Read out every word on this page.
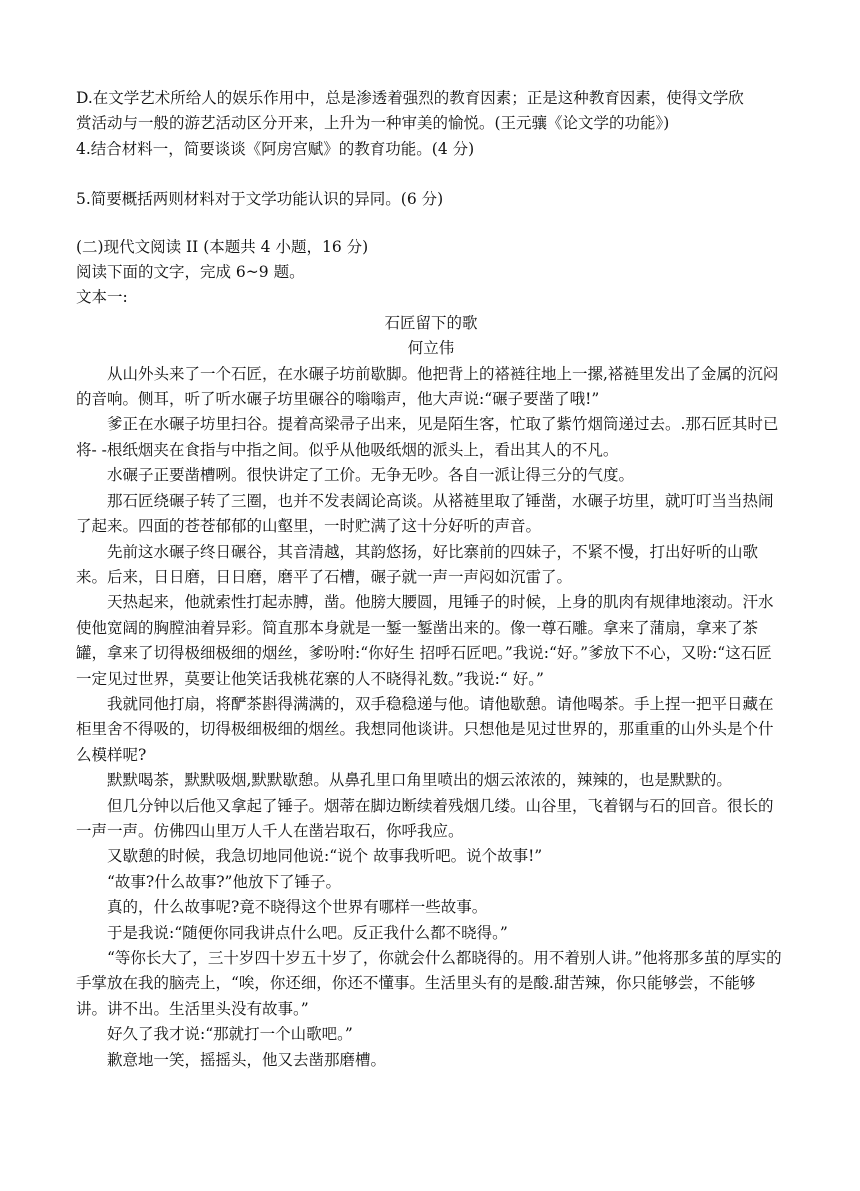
D.在文学艺术所给人的娱乐作用中，总是渗透着强烈的教育因素；正是这种教育因素，使得文学欣
赏活动与一般的游艺活动区分开来，上升为一种审美的愉悦。(王元骧《论文学的功能》)
4.结合材料一，简要谈谈《阿房宫赋》的教育功能。(4 分)
5.简要概括两则材料对于文学功能认识的异同。(6 分)
(二)现代文阅读 II (本题共 4 小题，16 分)
阅读下面的文字，完成 6~9 题。
文本一:
石匠留下的歌
何立伟

从山外头来了一个石匠，在水碾子坊前歇脚。他把背上的褡裢往地上一摞,褡裢里发出了金属的沉闷的音响。侧耳，听了听水碾子坊里碾谷的嗡嗡声，他大声说:“碾子要凿了哦!”

爹正在水碾子坊里扫谷。提着高梁帚子出来，见是陌生客，忙取了紫竹烟筒递过去。.那石匠其时已将- -根纸烟夹在食指与中指之间。似乎从他吸纸烟的派头上，看出其人的不凡。

水碾子正要凿槽咧。很快讲定了工价。无争无吵。各自一派让得三分的气度。

那石匠绕碾子转了三圈，也并不发表阔论高谈。从褡裢里取了锤凿，水碾子坊里，就叮叮当当热闹了起来。四面的苍苍郁郁的山壑里，一时贮满了这十分好听的声音。

先前这水碾子终日碾谷，其音清越，其韵悠扬，好比寨前的四妹子，不紧不慢，打出好听的山歌来。后来，日日磨，日日磨，磨平了石槽，碾子就一声一声闷如沉雷了。

天热起来，他就索性打起赤膊，凿。他膀大腰圆，甩锤子的时候，上身的肌肉有规律地滚动。汗水使他宽阔的胸膛油着异彩。简直那本身就是一錾一錾凿出来的。像一尊石雕。拿来了蒲扇，拿来了茶罐，拿来了切得极细极细的烟丝，爹吩咐:“你好生 招呼石匠吧。”我说:“好。”爹放下不心，又吩:“这石匠一定见过世界，莫要让他笑话我桃花寨的人不晓得礼数。”我说:“ 好。”

我就同他打扇，将酽茶斟得满满的，双手稳稳递与他。请他歇憩。请他喝茶。手上捏一把平日藏在柜里舍不得吸的，切得极细极细的烟丝。我想同他谈讲。只想他是见过世界的，那重重的山外头是个什么模样呢?

默默喝茶，默默吸烟,默默歇憩。从鼻孔里口角里喷出的烟云浓浓的，辣辣的，也是默默的。

但几分钟以后他又拿起了锤子。烟蒂在脚边断续着残烟几缕。山谷里，飞着钢与石的回音。很长的一声一声。仿佛四山里万人千人在凿岩取石，你呼我应。

又歇憩的时候，我急切地同他说:“说个 故事我听吧。说个故事!”

“故事?什么故事?”他放下了锤子。

真的，什么故事呢?竟不晓得这个世界有哪样一些故事。

于是我说:“随便你同我讲点什么吧。反正我什么都不晓得。”

“等你长大了，三十岁四十岁五十岁了，你就会什么都晓得的。用不着别人讲。”他将那多茧的厚实的手掌放在我的脑壳上，“唉，你还细，你还不懂事。生活里头有的是酸.甜苦辣，你只能够尝，不能够讲。讲不出。生活里头没有故事。”

好久了我才说:“那就打一个山歌吧。”

歉意地一笑，摇摇头，他又去凿那磨槽。
